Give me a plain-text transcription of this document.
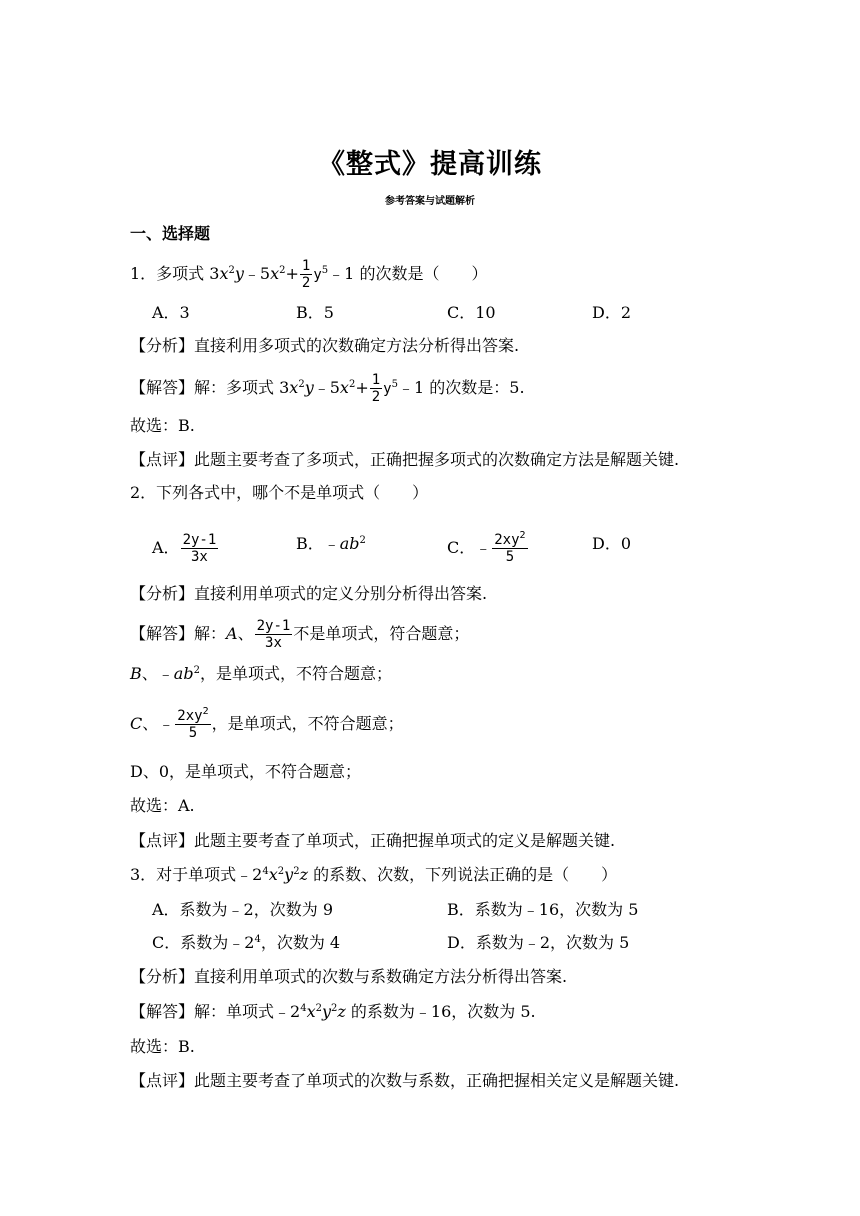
《整式》提高训练
参考答案与试题解析
一、选择题
1．多项式 $3x^2y﹣5x^2+ \frac{1}{2}$ $y^5﹣1$ 的次数是（　　）
A．3	B．5	C．10	D．2
【分析】直接利用多项式的次数确定方法分析得出答案.
【解答】解：多项式 $3x^2y﹣5x^2+ \frac{1}{2}$ $y^5﹣1$ 的次数是：5.
故选：B.
【点评】此题主要考查了多项式，正确把握多项式的次数确定方法是解题关键.
2．下列各式中，哪个不是单项式（　　）
A． $\frac{2y-1}{3x}$	B．$﹣ab^2$	C．﹣ $\frac{2xy^2}{5}$	D．0
【分析】直接利用单项式的定义分别分析得出答案.
【解答】解：A、 $\frac{2y-1}{3x}$ 不是单项式，符合题意；
B、$﹣ab^2$，是单项式，不符合题意；
C、﹣ $\frac{2xy^2}{5}$ ，是单项式，不符合题意；
D、0，是单项式，不符合题意；
故选：A.
【点评】此题主要考查了单项式，正确把握单项式的定义是解题关键.
3．对于单项式$﹣2^4x^2y^2z$ 的系数、次数，下列说法正确的是（　　）
A．系数为﹣2，次数为 9	B．系数为﹣16，次数为 5
C．系数为$﹣2^4$，次数为 4	D．系数为﹣2，次数为 5
【分析】直接利用单项式的次数与系数确定方法分析得出答案.
【解答】解：单项式$﹣2^4x^2y^2z$ 的系数为﹣16，次数为 5.
故选：B.
【点评】此题主要考查了单项式的次数与系数，正确把握相关定义是解题关键.
